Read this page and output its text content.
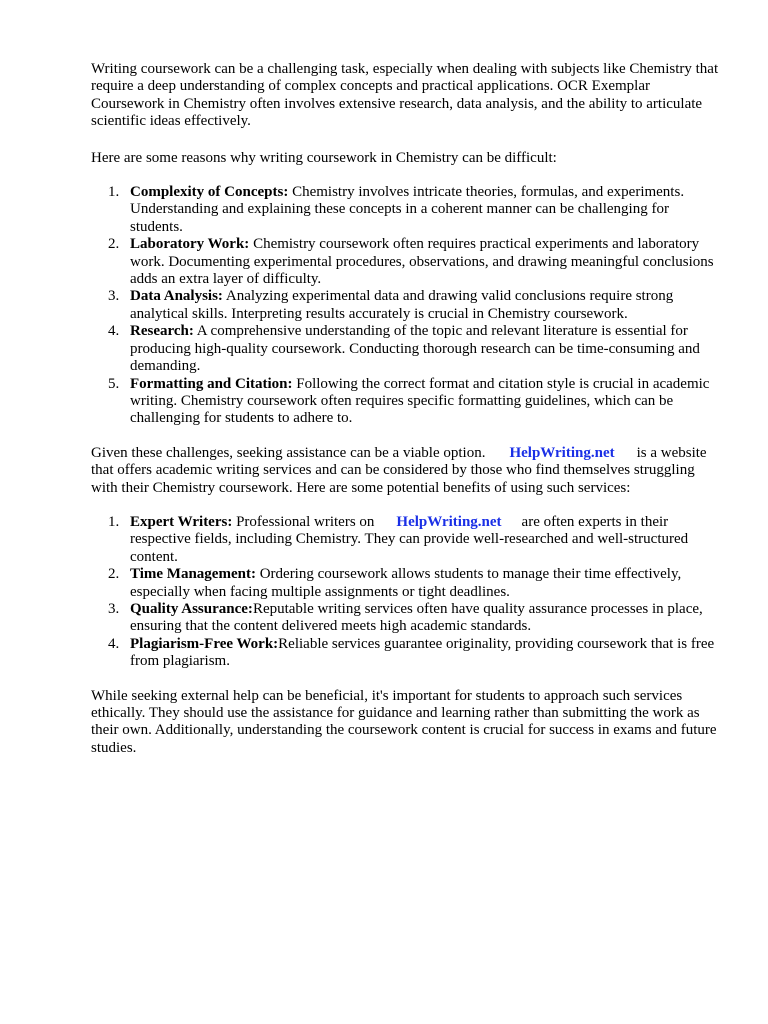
Writing coursework can be a challenging task, especially when dealing with subjects like Chemistry that require a deep understanding of complex concepts and practical applications. OCR Exemplar Coursework in Chemistry often involves extensive research, data analysis, and the ability to articulate scientific ideas effectively.

Here are some reasons why writing coursework in Chemistry can be difficult:

1. Complexity of Concepts: Chemistry involves intricate theories, formulas, and experiments. Understanding and explaining these concepts in a coherent manner can be challenging for students.
2. Laboratory Work: Chemistry coursework often requires practical experiments and laboratory work. Documenting experimental procedures, observations, and drawing meaningful conclusions adds an extra layer of difficulty.
3. Data Analysis: Analyzing experimental data and drawing valid conclusions require strong analytical skills. Interpreting results accurately is crucial in Chemistry coursework.
4. Research: A comprehensive understanding of the topic and relevant literature is essential for producing high-quality coursework. Conducting thorough research can be time-consuming and demanding.
5. Formatting and Citation: Following the correct format and citation style is crucial in academic writing. Chemistry coursework often requires specific formatting guidelines, which can be challenging for students to adhere to.

Given these challenges, seeking assistance can be a viable option. HelpWriting.net is a website that offers academic writing services and can be considered by those who find themselves struggling with their Chemistry coursework. Here are some potential benefits of using such services:

1. Expert Writers: Professional writers on HelpWriting.net are often experts in their respective fields, including Chemistry. They can provide well-researched and well-structured content.
2. Time Management: Ordering coursework allows students to manage their time effectively, especially when facing multiple assignments or tight deadlines.
3. Quality Assurance:Reputable writing services often have quality assurance processes in place, ensuring that the content delivered meets high academic standards.
4. Plagiarism-Free Work:Reliable services guarantee originality, providing coursework that is free from plagiarism.

While seeking external help can be beneficial, it's important for students to approach such services ethically. They should use the assistance for guidance and learning rather than submitting the work as their own. Additionally, understanding the coursework content is crucial for success in exams and future studies.
